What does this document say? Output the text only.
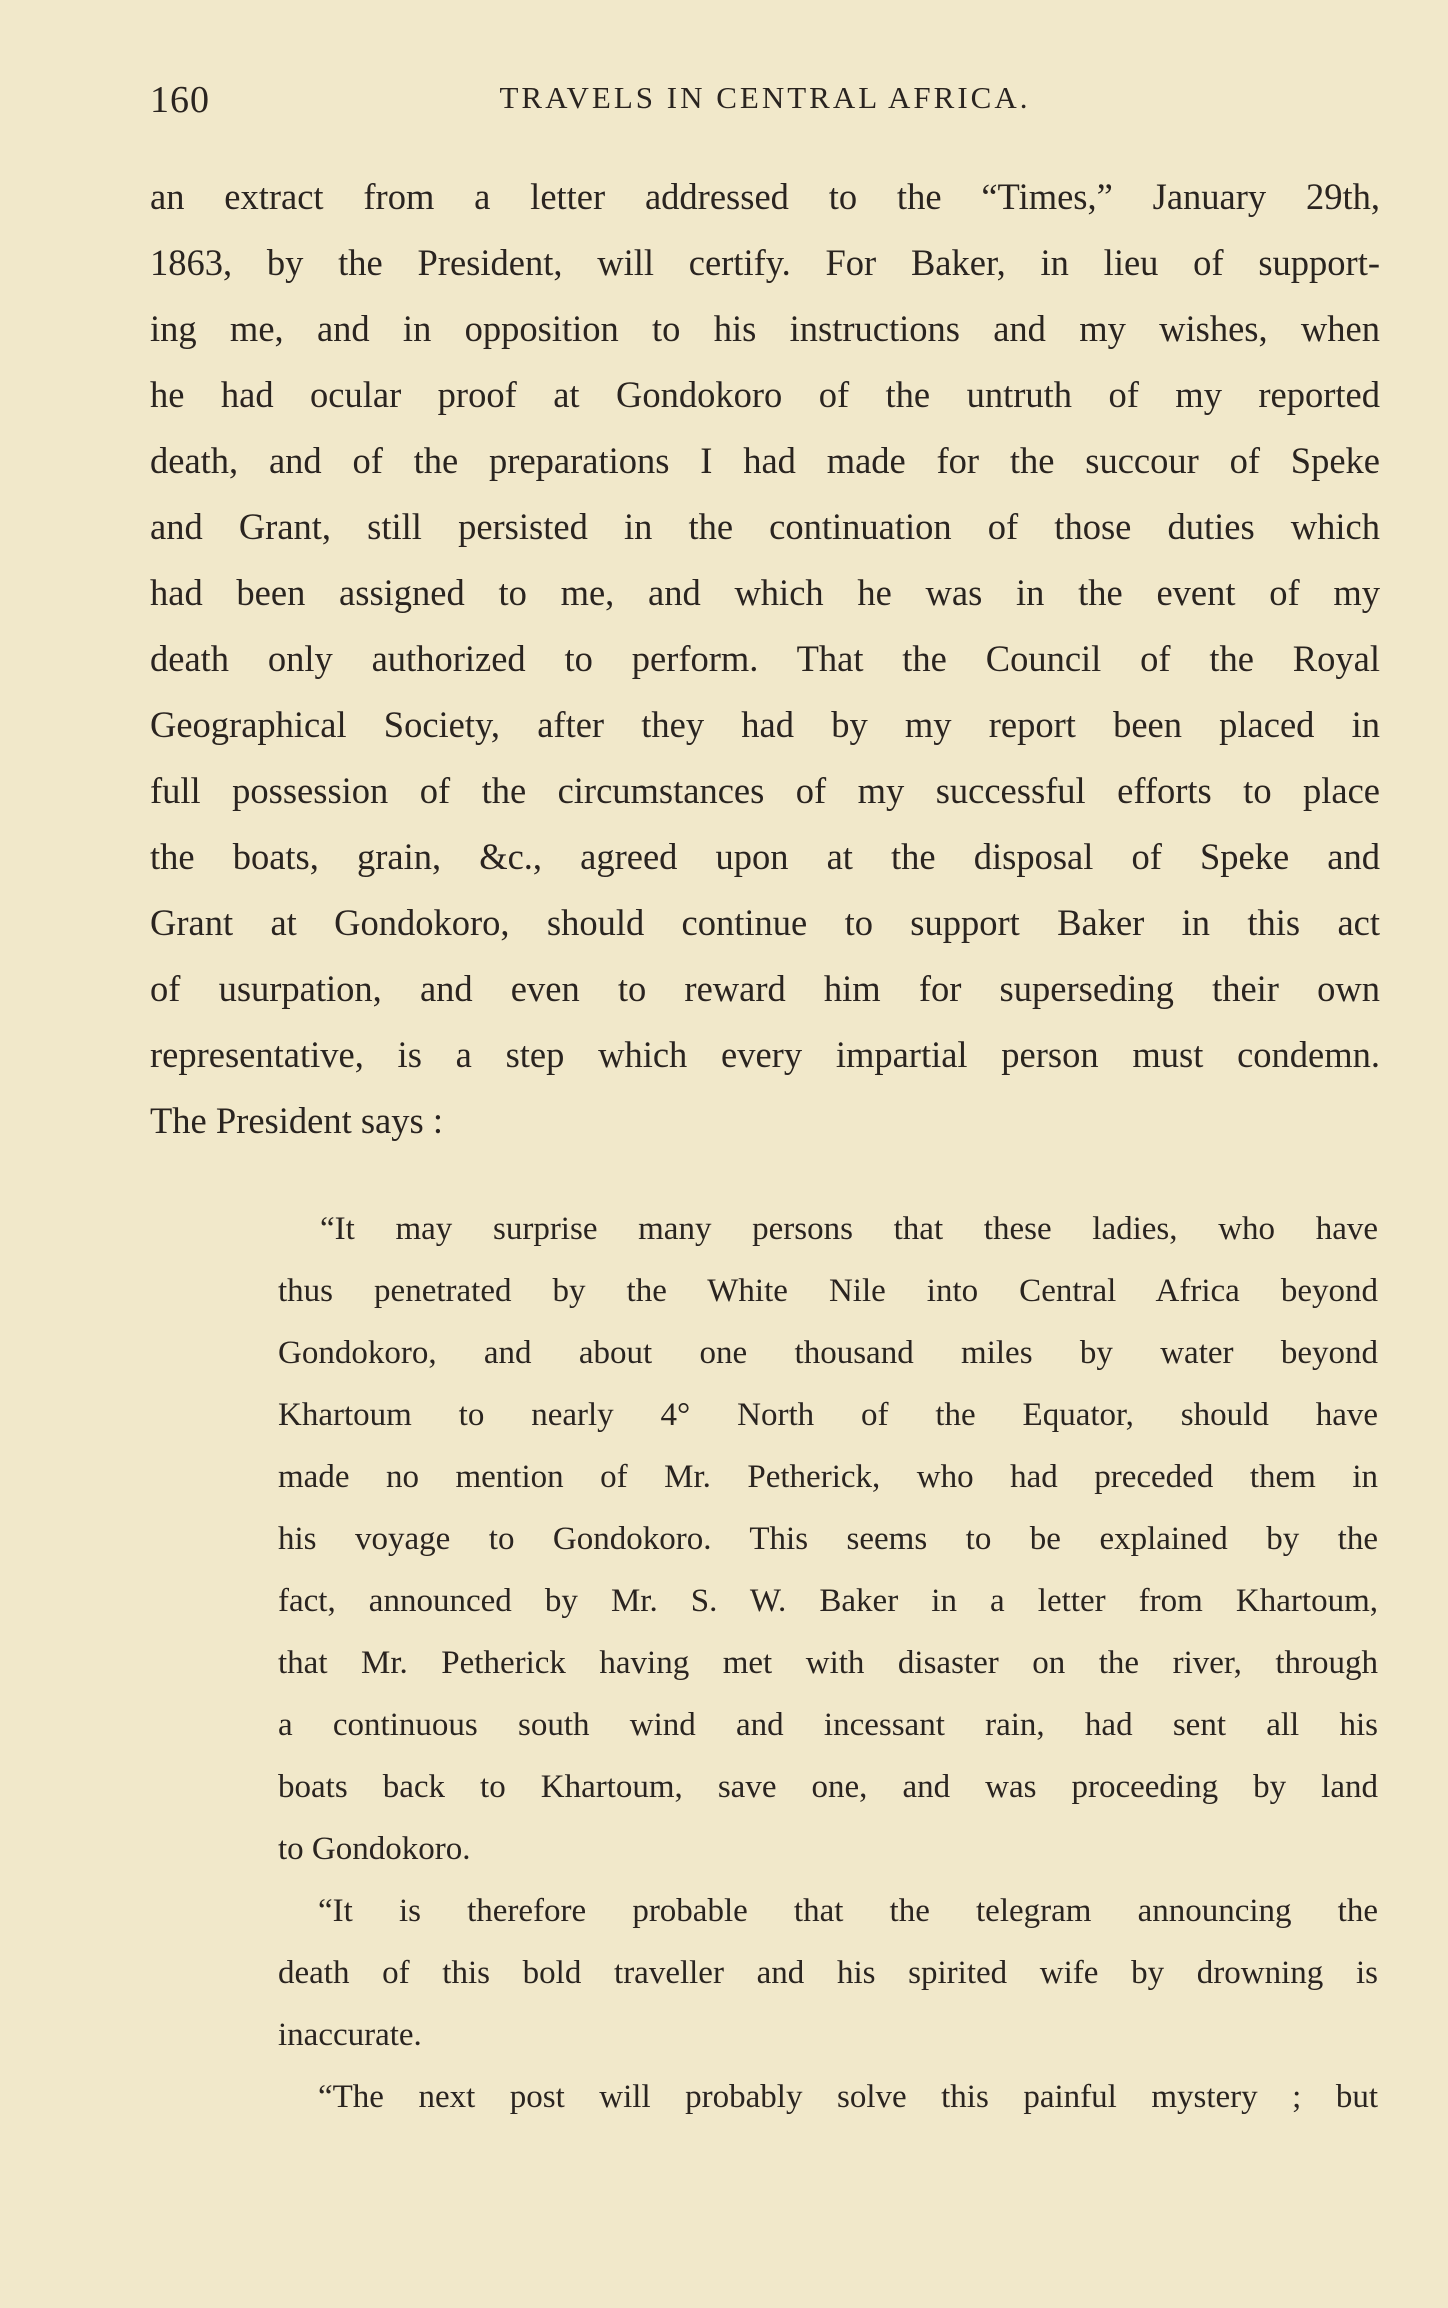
160	TRAVELS IN CENTRAL AFRICA.
an extract from a letter addressed to the “Times,” January 29th,
1863, by the President, will certify. For Baker, in lieu of support-
ing me, and in opposition to his instructions and my wishes, when
he had ocular proof at Gondokoro of the untruth of my reported
death, and of the preparations I had made for the succour of Speke
and Grant, still persisted in the continuation of those duties which
had been assigned to me, and which he was in the event of my
death only authorized to perform. That the Council of the Royal
Geographical Society, after they had by my report been placed in
full possession of the circumstances of my successful efforts to place
the boats, grain, &c., agreed upon at the disposal of Speke and
Grant at Gondokoro, should continue to support Baker in this act
of usurpation, and even to reward him for superseding their own
representative, is a step which every impartial person must condemn.
The President says :
“It may surprise many persons that these ladies, who have
thus penetrated by the White Nile into Central Africa beyond
Gondokoro, and about one thousand miles by water beyond
Khartoum to nearly 4° North of the Equator, should have
made no mention of Mr. Petherick, who had preceded them in
his voyage to Gondokoro. This seems to be explained by the
fact, announced by Mr. S. W. Baker in a letter from Khartoum,
that Mr. Petherick having met with disaster on the river, through
a continuous south wind and incessant rain, had sent all his
boats back to Khartoum, save one, and was proceeding by land
to Gondokoro.
“It is therefore probable that the telegram announcing the
death of this bold traveller and his spirited wife by drowning is
inaccurate.
“The next post will probably solve this painful mystery ; but
